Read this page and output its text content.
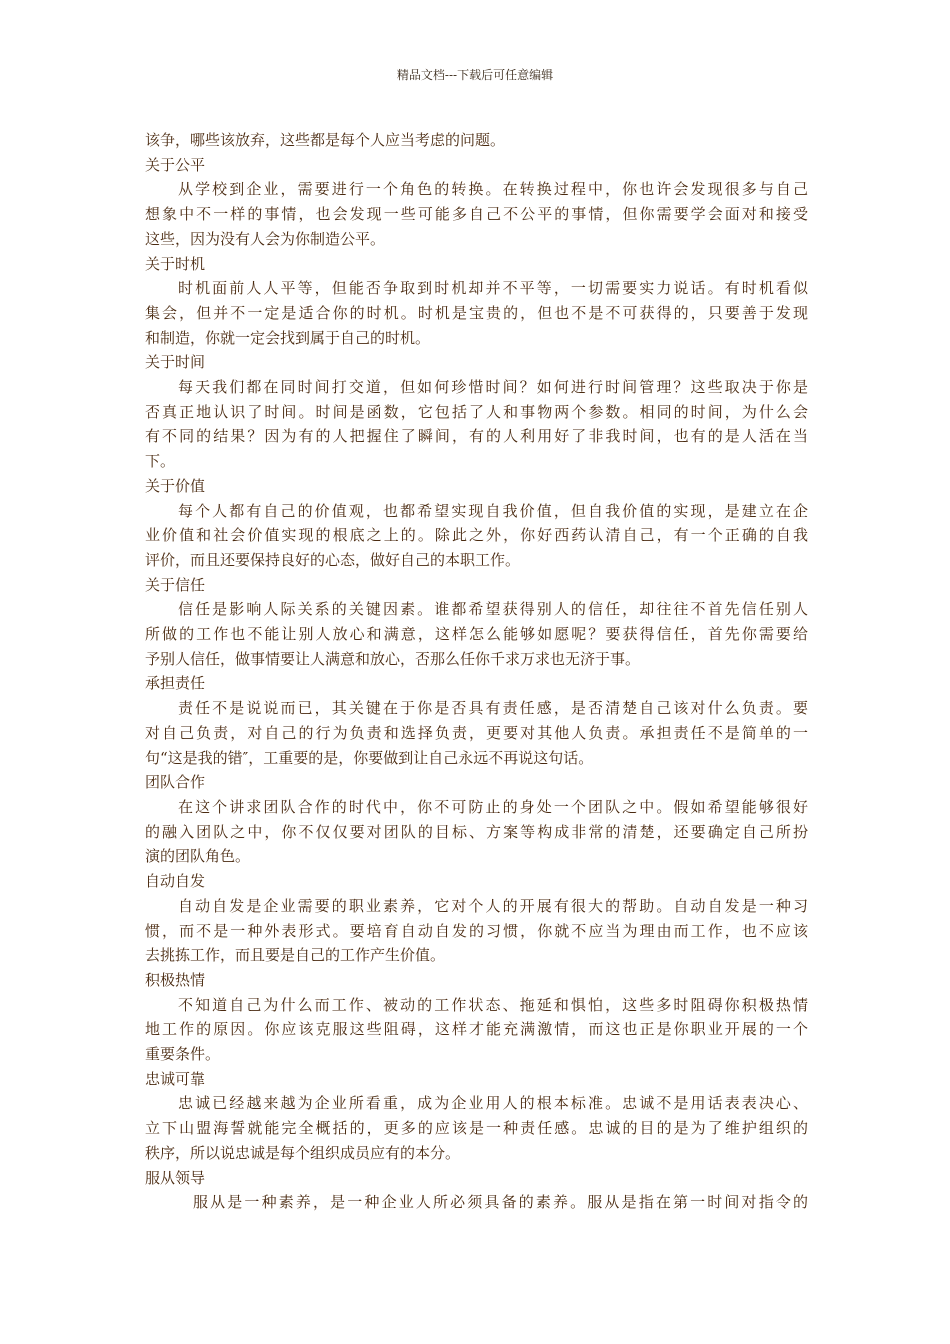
精品文档---下载后可任意编辑
该争，哪些该放弃，这些都是每个人应当考虑的问题。
关于公平
从学校到企业，需要进行一个角色的转换。在转换过程中，你也许会发现很多与自己
想象中不一样的事情，也会发现一些可能多自己不公平的事情，但你需要学会面对和接受
这些，因为没有人会为你制造公平。
关于时机
时机面前人人平等，但能否争取到时机却并不平等，一切需要实力说话。有时机看似
集会，但并不一定是适合你的时机。时机是宝贵的，但也不是不可获得的，只要善于发现
和制造，你就一定会找到属于自己的时机。
关于时间
每天我们都在同时间打交道，但如何珍惜时间？如何进行时间管理？这些取决于你是
否真正地认识了时间。时间是函数，它包括了人和事物两个参数。相同的时间，为什么会
有不同的结果？因为有的人把握住了瞬间，有的人利用好了非我时间，也有的是人活在当
下。
关于价值
每个人都有自己的价值观，也都希望实现自我价值，但自我价值的实现，是建立在企
业价值和社会价值实现的根底之上的。除此之外，你好西药认清自己，有一个正确的自我
评价，而且还要保持良好的心态，做好自己的本职工作。
关于信任
信任是影响人际关系的关键因素。谁都希望获得别人的信任，却往往不首先信任别人
所做的工作也不能让别人放心和满意，这样怎么能够如愿呢？要获得信任，首先你需要给
予别人信任，做事情要让人满意和放心，否那么任你千求万求也无济于事。
承担责任
责任不是说说而已，其关键在于你是否具有责任感，是否清楚自己该对什么负责。要
对自己负责，对自己的行为负责和选择负责，更要对其他人负责。承担责任不是简单的一
句“这是我的错″，工重要的是，你要做到让自己永远不再说这句话。
团队合作
在这个讲求团队合作的时代中，你不可防止的身处一个团队之中。假如希望能够很好
的融入团队之中，你不仅仅要对团队的目标、方案等构成非常的清楚，还要确定自己所扮
演的团队角色。
自动自发
自动自发是企业需要的职业素养，它对个人的开展有很大的帮助。自动自发是一种习
惯，而不是一种外表形式。要培育自动自发的习惯，你就不应当为理由而工作，也不应该
去挑拣工作，而且要是自己的工作产生价值。
积极热情
不知道自己为什么而工作、被动的工作状态、拖延和惧怕，这些多时阻碍你积极热情
地工作的原因。你应该克服这些阻碍，这样才能充满激情，而这也正是你职业开展的一个
重要条件。
忠诚可靠
忠诚已经越来越为企业所看重，成为企业用人的根本标准。忠诚不是用话表表决心、
立下山盟海誓就能完全概括的，更多的应该是一种责任感。忠诚的目的是为了维护组织的
秩序，所以说忠诚是每个组织成员应有的本分。
服从领导
服从是一种素养，是一种企业人所必须具备的素养。服从是指在第一时间对指令的
